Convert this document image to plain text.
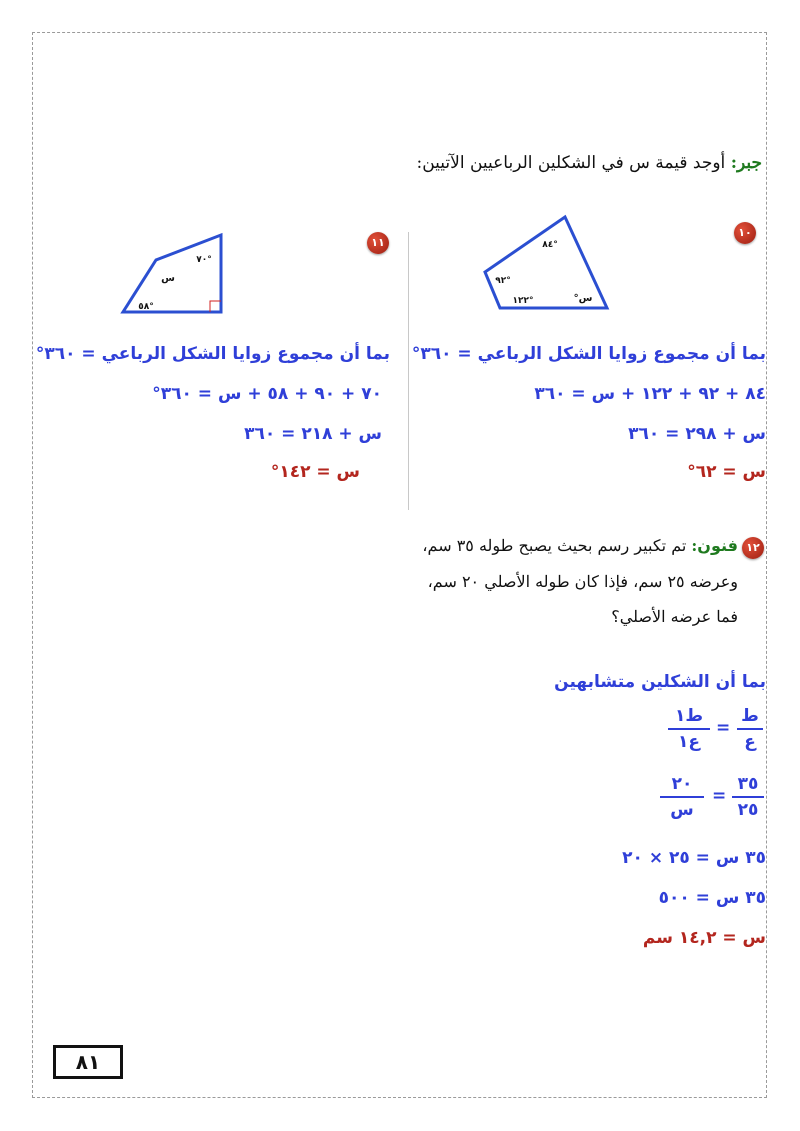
جبر: أوجد قيمة س في الشكلين الرباعيين الآتيين:
١٠
°٨٤
°٩٢
°١٢٢	س°
بما أن مجموع زوايا الشكل الرباعي = ٣٦٠°
٨٤ + ٩٢ + ١٢٢ + س = ٣٦٠
س + ٢٩٨ = ٣٦٠
س = ٦٢°
١١
°٧٠
س
°٥٨
بما أن مجموع زوايا الشكل الرباعي = ٣٦٠°
٧٠ + ٩٠ + ٥٨ + س = ٣٦٠°
س + ٢١٨ = ٣٦٠
س = ١٤٢°
١٢
فنون: تم تكبير رسم بحيث يصبح طوله ٣٥ سم،
وعرضه ٢٥ سم، فإذا كان طوله الأصلي ٢٠ سم،
فما عرضه الأصلي؟
بما أن الشكلين متشابهين
ط
ع
=
ط١
ع١
٣٥
٢٥
=
٢٠
س
٣٥ س = ٢٥ × ٢٠
٣٥ س = ٥٠٠
س = ١٤,٢ سم
٨١
